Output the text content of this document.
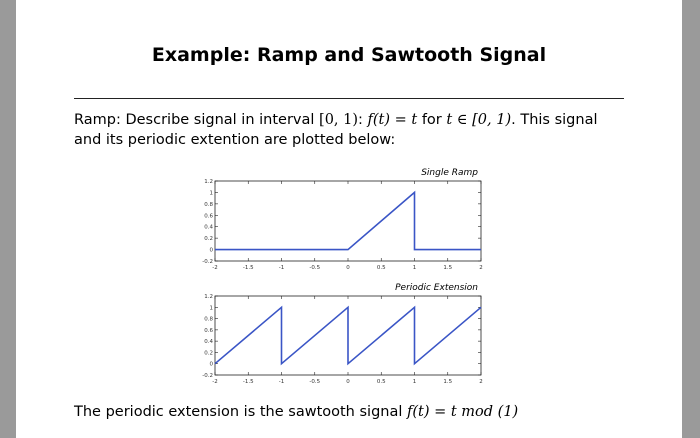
Example: Ramp and Sawtooth Signal
Ramp: Describe signal in interval [0, 1): f(t) = t for t ∈ [0, 1). This signal
and its periodic extention are plotted below:
The periodic extension is the sawtooth signal f(t) = t mod (1)
-2	-1.5	-1	-0.5	0	0.5	1	1.5	2
-0.2
0
0.2
0.4
0.6
0.8
1
1.2
Single Ramp
-2	-1.5	-1	-0.5	0	0.5	1	1.5	2
-0.2
0
0.2
0.4
0.6
0.8
1
1.2
Periodic Extension
